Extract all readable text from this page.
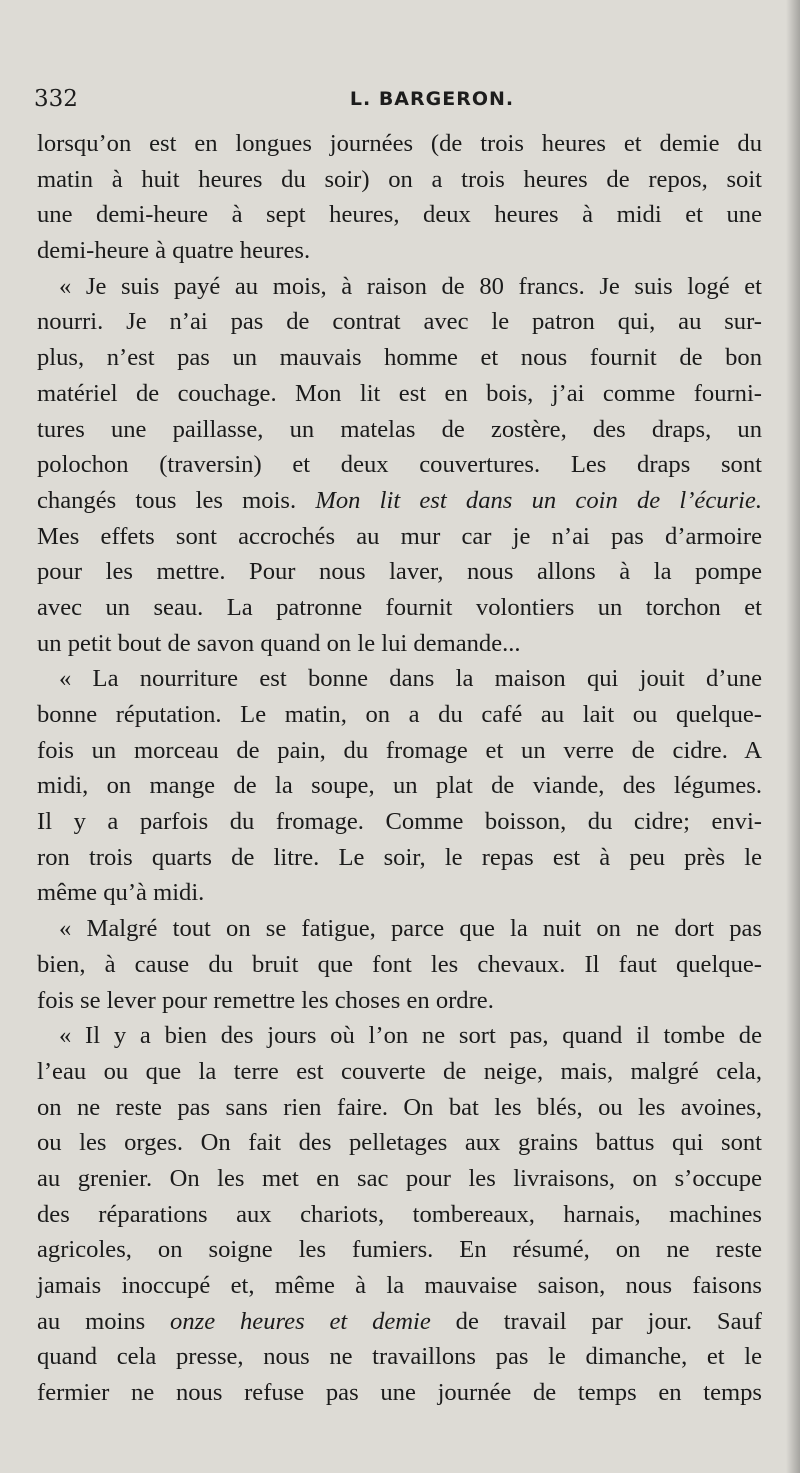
332	L. BARGERON.
lorsqu’on est en longues journées (de trois heures et demie du
matin à huit heures du soir) on a trois heures de repos, soit
une demi-heure à sept heures, deux heures à midi et une
demi-heure à quatre heures.
« Je suis payé au mois, à raison de 80 francs. Je suis logé et
nourri. Je n’ai pas de contrat avec le patron qui, au sur-
plus, n’est pas un mauvais homme et nous fournit de bon
matériel de couchage. Mon lit est en bois, j’ai comme fourni-
tures une paillasse, un matelas de zostère, des draps, un
polochon (traversin) et deux couvertures. Les draps sont
changés tous les mois. Mon lit est dans un coin de l’écurie.
Mes effets sont accrochés au mur car je n’ai pas d’armoire
pour les mettre. Pour nous laver, nous allons à la pompe
avec un seau. La patronne fournit volontiers un torchon et
un petit bout de savon quand on le lui demande...
« La nourriture est bonne dans la maison qui jouit d’une
bonne réputation. Le matin, on a du café au lait ou quelque-
fois un morceau de pain, du fromage et un verre de cidre. A
midi, on mange de la soupe, un plat de viande, des légumes.
Il y a parfois du fromage. Comme boisson, du cidre; envi-
ron trois quarts de litre. Le soir, le repas est à peu près le
même qu’à midi.
« Malgré tout on se fatigue, parce que la nuit on ne dort pas
bien, à cause du bruit que font les chevaux. Il faut quelque-
fois se lever pour remettre les choses en ordre.
« Il y a bien des jours où l’on ne sort pas, quand il tombe de
l’eau ou que la terre est couverte de neige, mais, malgré cela,
on ne reste pas sans rien faire. On bat les blés, ou les avoines,
ou les orges. On fait des pelletages aux grains battus qui sont
au grenier. On les met en sac pour les livraisons, on s’occupe
des réparations aux chariots, tombereaux, harnais, machines
agricoles, on soigne les fumiers. En résumé, on ne reste
jamais inoccupé et, même à la mauvaise saison, nous faisons
au moins onze heures et demie de travail par jour. Sauf
quand cela presse, nous ne travaillons pas le dimanche, et le
fermier ne nous refuse pas une journée de temps en temps
